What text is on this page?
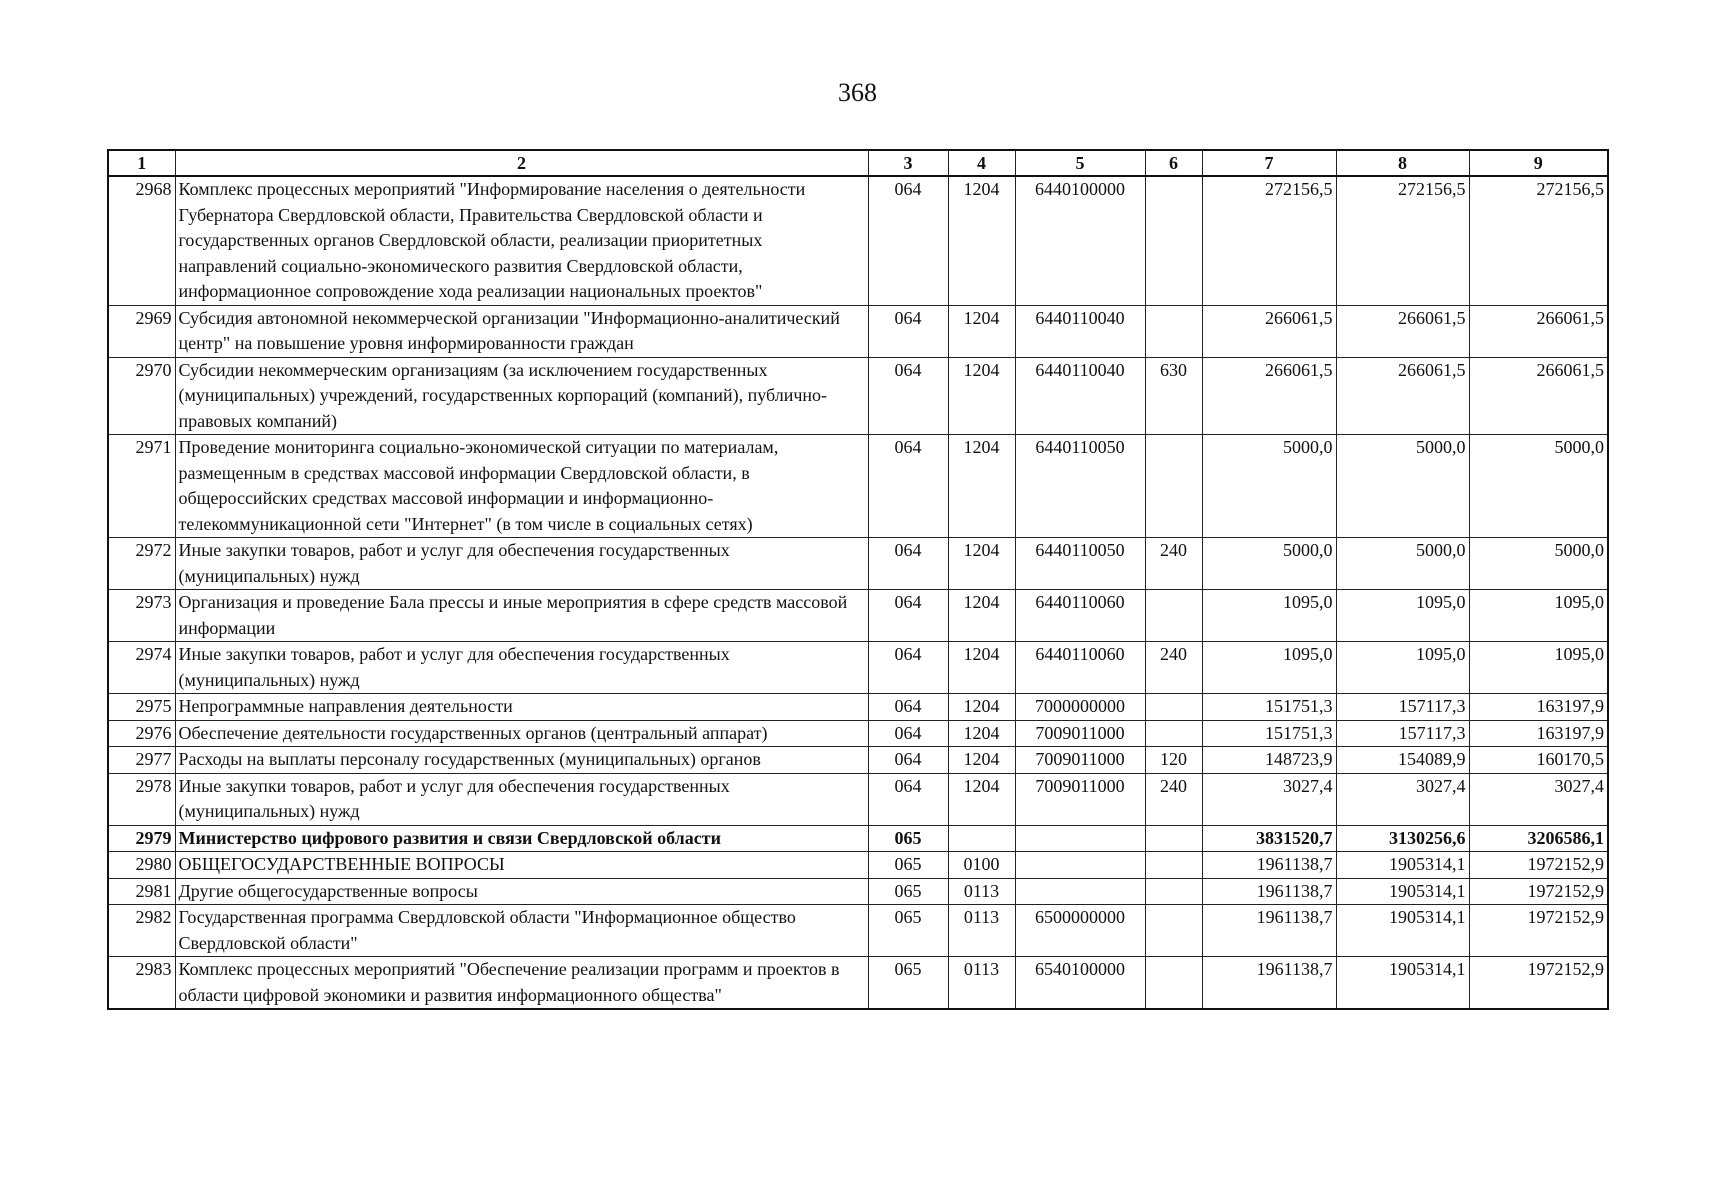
368
1	2	3	4	5	6	7	8	9
2968	Комплекс процессных мероприятий "Информирование населения о деятельности Губернатора Свердловской области, Правительства Свердловской области и государственных органов Свердловской области, реализации приоритетных направлений социально-экономического развития Свердловской области, информационное сопровождение хода реализации национальных проектов"	064	1204	6440100000		272156,5	272156,5	272156,5
2969	Субсидия автономной некоммерческой организации "Информационно-аналитический центр" на повышение уровня информированности граждан	064	1204	6440110040		266061,5	266061,5	266061,5
2970	Субсидии некоммерческим организациям (за исключением государственных (муниципальных) учреждений, государственных корпораций (компаний), публично-правовых компаний)	064	1204	6440110040	630	266061,5	266061,5	266061,5
2971	Проведение мониторинга социально-экономической ситуации по материалам, размещенным в средствах массовой информации Свердловской области, в общероссийских средствах массовой информации и информационно-телекоммуникационной сети "Интернет" (в том числе в социальных сетях)	064	1204	6440110050		5000,0	5000,0	5000,0
2972	Иные закупки товаров, работ и услуг для обеспечения государственных (муниципальных) нужд	064	1204	6440110050	240	5000,0	5000,0	5000,0
2973	Организация и проведение Бала прессы и иные мероприятия в сфере средств массовой информации	064	1204	6440110060		1095,0	1095,0	1095,0
2974	Иные закупки товаров, работ и услуг для обеспечения государственных (муниципальных) нужд	064	1204	6440110060	240	1095,0	1095,0	1095,0
2975	Непрограммные направления деятельности	064	1204	7000000000		151751,3	157117,3	163197,9
2976	Обеспечение деятельности государственных органов (центральный аппарат)	064	1204	7009011000		151751,3	157117,3	163197,9
2977	Расходы на выплаты персоналу государственных (муниципальных) органов	064	1204	7009011000	120	148723,9	154089,9	160170,5
2978	Иные закупки товаров, работ и услуг для обеспечения государственных (муниципальных) нужд	064	1204	7009011000	240	3027,4	3027,4	3027,4
2979	Министерство цифрового развития и связи Свердловской области	065				3831520,7	3130256,6	3206586,1
2980	ОБЩЕГОСУДАРСТВЕННЫЕ ВОПРОСЫ	065	0100			1961138,7	1905314,1	1972152,9
2981	Другие общегосударственные вопросы	065	0113			1961138,7	1905314,1	1972152,9
2982	Государственная программа Свердловской области "Информационное общество Свердловской области"	065	0113	6500000000		1961138,7	1905314,1	1972152,9
2983	Комплекс процессных мероприятий "Обеспечение реализации программ и проектов в области цифровой экономики и развития информационного общества"	065	0113	6540100000		1961138,7	1905314,1	1972152,9
